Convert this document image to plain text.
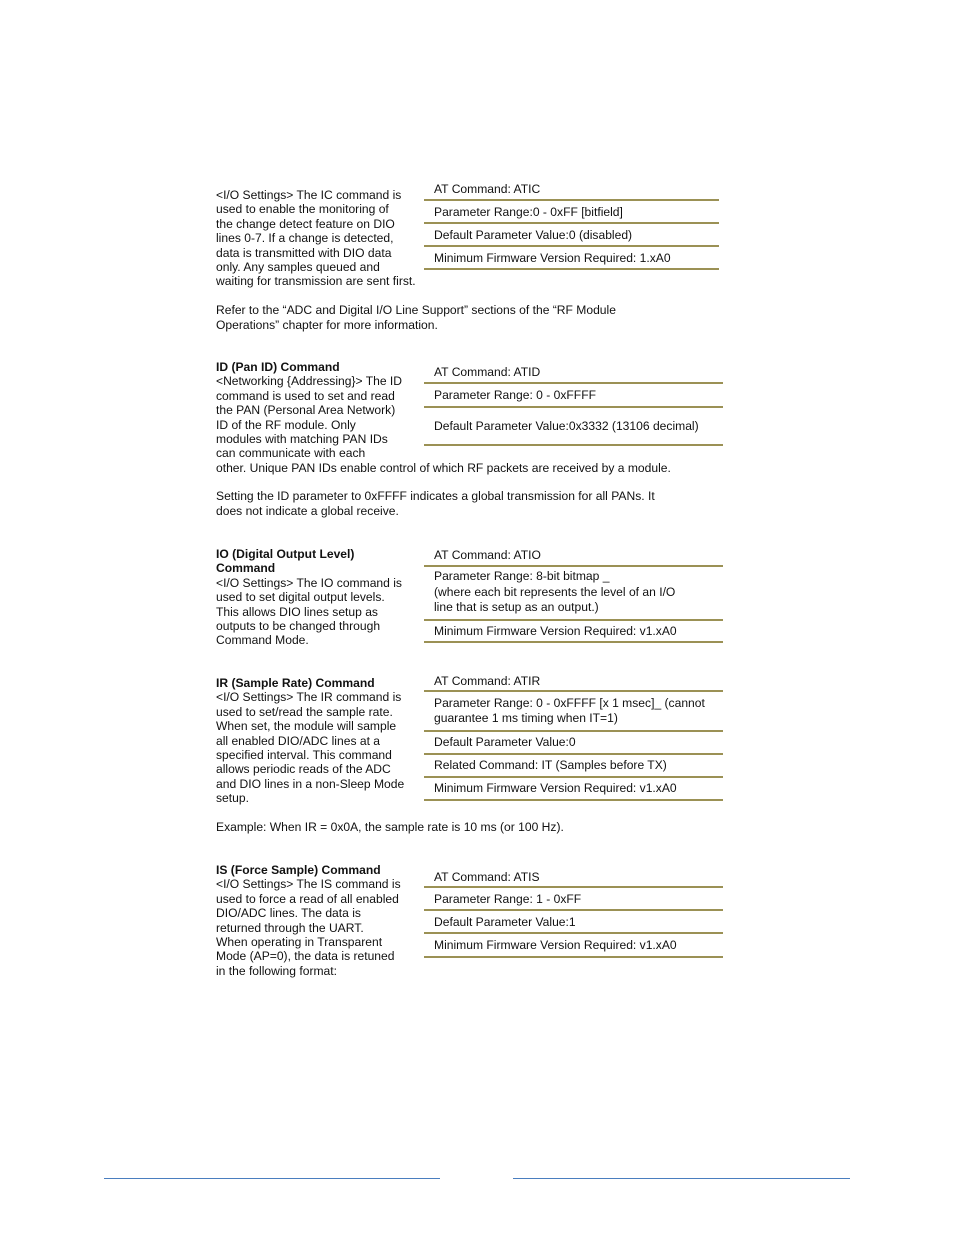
<I/O Settings> The IC command is
used to enable the monitoring of
the change detect feature on DIO
lines 0-7. If a change is detected,
data is transmitted with DIO data
only. Any samples queued and
waiting for transmission are sent first.
AT Command: ATIC
Parameter Range:0 - 0xFF [bitfield]
Default Parameter Value:0 (disabled)
Minimum Firmware Version Required: 1.xA0
Refer to the “ADC and Digital I/O Line Support” sections of the “RF Module
Operations” chapter for more information.
ID (Pan ID) Command
<Networking {Addressing}> The ID
command is used to set and read
the PAN (Personal Area Network)
ID of the RF module. Only
modules with matching PAN IDs
can communicate with each
other. Unique PAN IDs enable control of which RF packets are received by a module.
AT Command: ATID
Parameter Range: 0 - 0xFFFF
Default Parameter Value:0x3332 (13106 decimal)
Setting the ID parameter to 0xFFFF indicates a global transmission for all PANs. It
does not indicate a global receive.
IO (Digital Output Level)
Command
<I/O Settings> The IO command is
used to set digital output levels.
This allows DIO lines setup as
outputs to be changed through
Command Mode.
AT Command: ATIO
Parameter Range: 8-bit bitmap _
(where each bit represents the level of an I/O
line that is setup as an output.)
Minimum Firmware Version Required: v1.xA0
IR (Sample Rate) Command
<I/O Settings> The IR command is
used to set/read the sample rate.
When set, the module will sample
all enabled DIO/ADC lines at a
specified interval. This command
allows periodic reads of the ADC
and DIO lines in a non-Sleep Mode
setup.
AT Command: ATIR
Parameter Range: 0 - 0xFFFF [x 1 msec]_ (cannot
guarantee 1 ms timing when IT=1)
Default Parameter Value:0
Related Command: IT (Samples before TX)
Minimum Firmware Version Required: v1.xA0
Example: When IR = 0x0A, the sample rate is 10 ms (or 100 Hz).
IS (Force Sample) Command
<I/O Settings> The IS command is
used to force a read of all enabled
DIO/ADC lines. The data is
returned through the UART.
When operating in Transparent
Mode (AP=0), the data is retuned
in the following format:
AT Command: ATIS
Parameter Range: 1 - 0xFF
Default Parameter Value:1
Minimum Firmware Version Required: v1.xA0
